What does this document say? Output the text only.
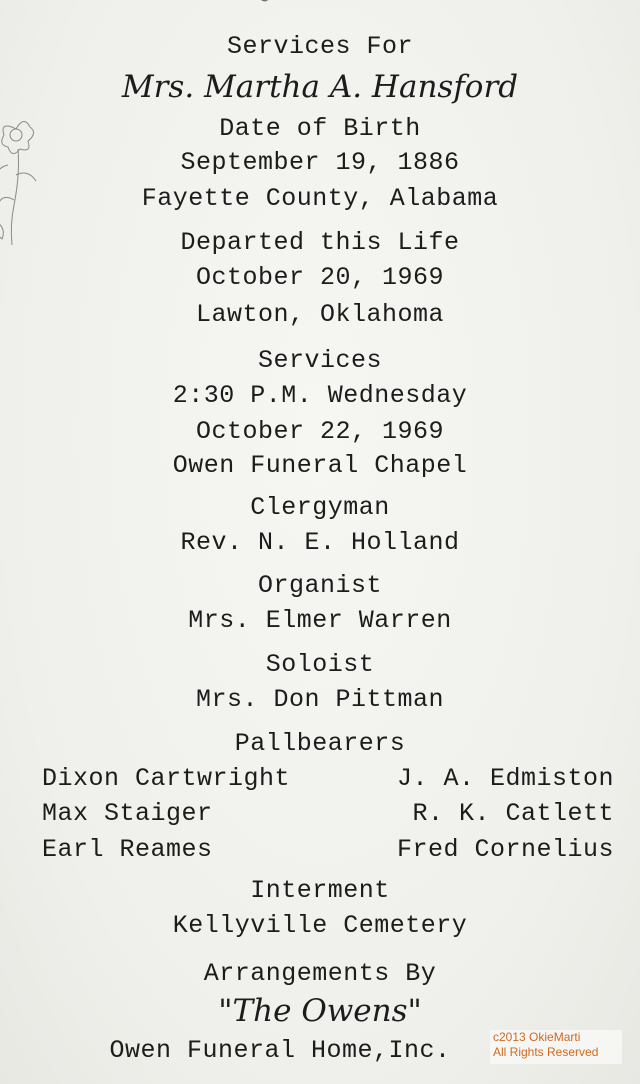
Services For
Mrs. Martha A. Hansford
Date of Birth
September 19, 1886
Fayette County, Alabama
Departed this Life
October 20, 1969
Lawton, Oklahoma
Services
2:30 P.M. Wednesday
October 22, 1969
Owen Funeral Chapel
Clergyman
Rev. N. E. Holland
Organist
Mrs. Elmer Warren
Soloist
Mrs. Don Pittman
Pallbearers
Dixon Cartwright	J. A. Edmiston
Max Staiger	R. K. Catlett
Earl Reames	Fred Cornelius
Interment
Kellyville Cemetery
Arrangements By
"The Owens"
Owen Funeral Home,Inc.	c2013 OkieMarti
All Rights Reserved
